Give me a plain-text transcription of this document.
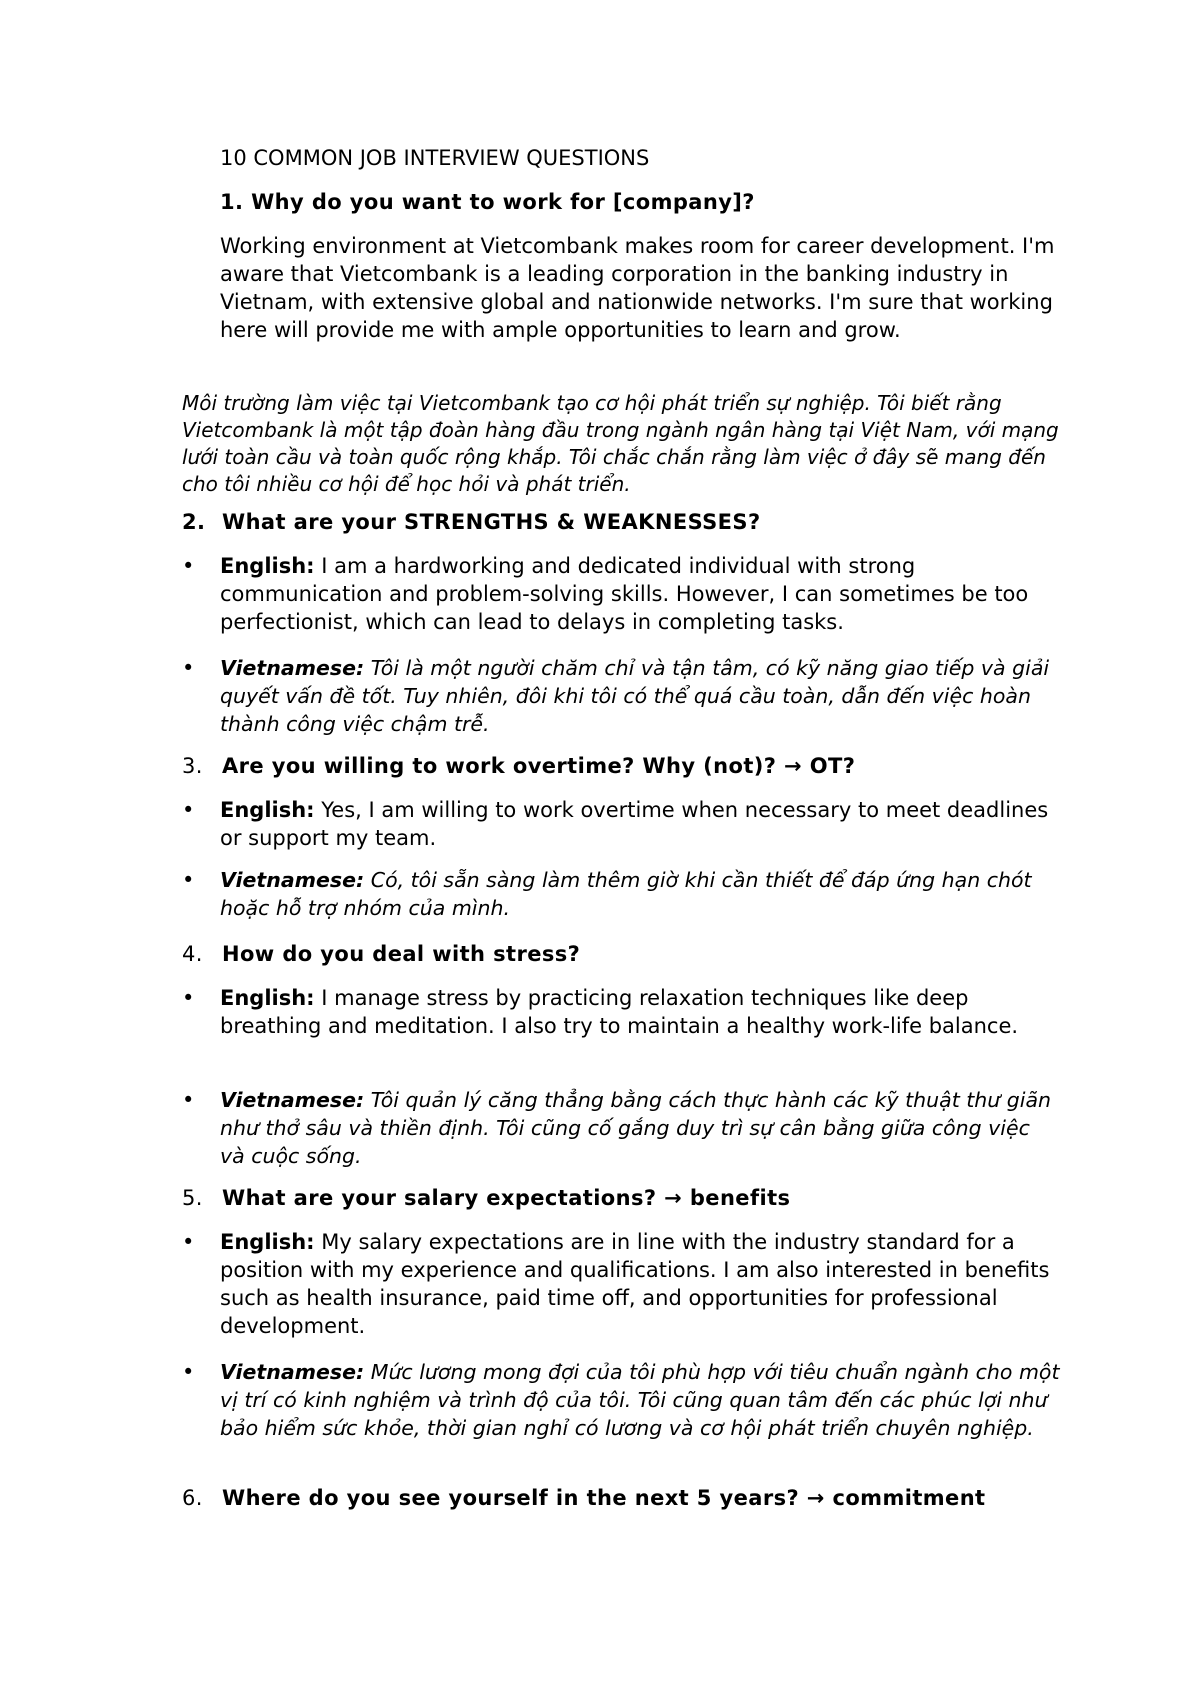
10 COMMON JOB INTERVIEW QUESTIONS
1. Why do you want to work for [company]?
Working environment at Vietcombank makes room for career development. I'm aware that Vietcombank is a leading corporation in the banking industry in Vietnam, with extensive global and nationwide networks. I'm sure that working here will provide me with ample opportunities to learn and grow.
Môi trường làm việc tại Vietcombank tạo cơ hội phát triển sự nghiệp. Tôi biết rằng Vietcombank là một tập đoàn hàng đầu trong ngành ngân hàng tại Việt Nam, với mạng lưới toàn cầu và toàn quốc rộng khắp. Tôi chắc chắn rằng làm việc ở đây sẽ mang đến cho tôi nhiều cơ hội để học hỏi và phát triển.
2. What are your STRENGTHS & WEAKNESSES?
•	English: I am a hardworking and dedicated individual with strong communication and problem-solving skills. However, I can sometimes be too perfectionist, which can lead to delays in completing tasks.
•	Vietnamese: Tôi là một người chăm chỉ và tận tâm, có kỹ năng giao tiếp và giải quyết vấn đề tốt. Tuy nhiên, đôi khi tôi có thể quá cầu toàn, dẫn đến việc hoàn thành công việc chậm trễ.
3. Are you willing to work overtime? Why (not)? → OT?
•	English: Yes, I am willing to work overtime when necessary to meet deadlines or support my team.
•	Vietnamese: Có, tôi sẵn sàng làm thêm giờ khi cần thiết để đáp ứng hạn chót hoặc hỗ trợ nhóm của mình.
4. How do you deal with stress?
•	English: I manage stress by practicing relaxation techniques like deep breathing and meditation. I also try to maintain a healthy work-life balance.
•	Vietnamese: Tôi quản lý căng thẳng bằng cách thực hành các kỹ thuật thư giãn như thở sâu và thiền định. Tôi cũng cố gắng duy trì sự cân bằng giữa công việc và cuộc sống.
5. What are your salary expectations? → benefits
•	English: My salary expectations are in line with the industry standard for a position with my experience and qualifications. I am also interested in benefits such as health insurance, paid time off, and opportunities for professional development.
•	Vietnamese: Mức lương mong đợi của tôi phù hợp với tiêu chuẩn ngành cho một vị trí có kinh nghiệm và trình độ của tôi. Tôi cũng quan tâm đến các phúc lợi như bảo hiểm sức khỏe, thời gian nghỉ có lương và cơ hội phát triển chuyên nghiệp.
6. Where do you see yourself in the next 5 years? → commitment
